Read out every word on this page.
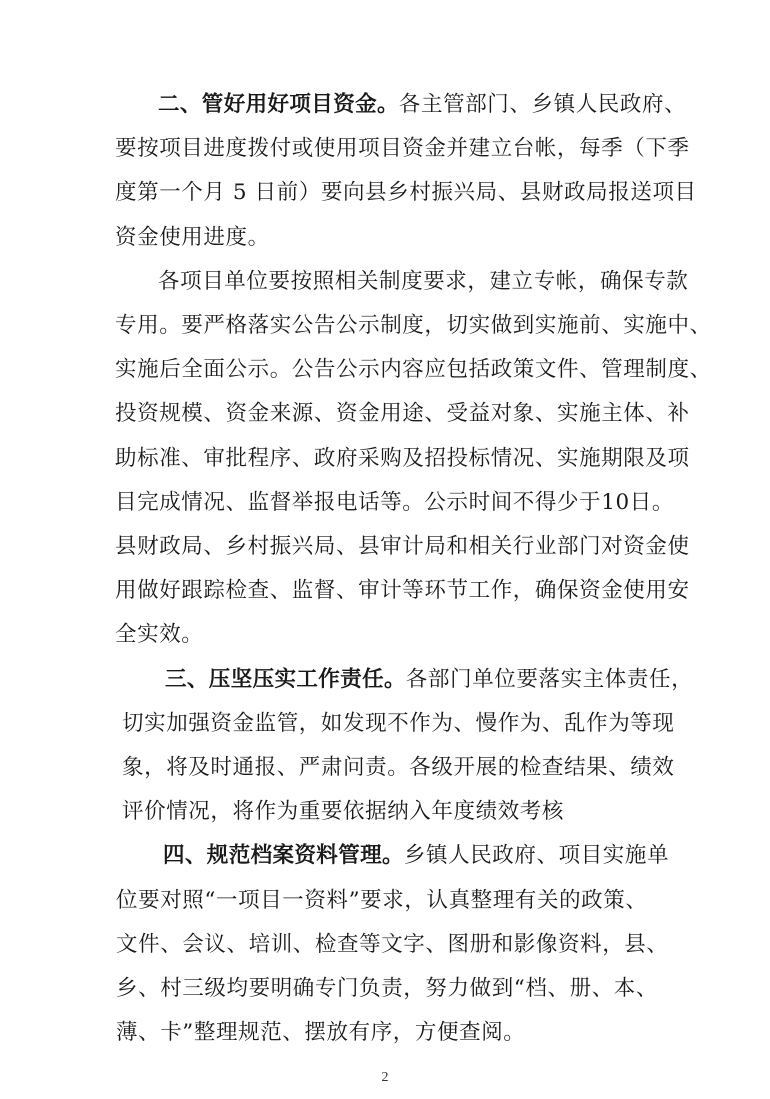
二、管好用好项目资金。各主管部门、乡镇人民政府、
要按项目进度拨付或使用项目资金并建立台帐，每季（下季
度第一个月 5 日前）要向县乡村振兴局、县财政局报送项目
资金使用进度。
各项目单位要按照相关制度要求，建立专帐，确保专款
专用。要严格落实公告公示制度，切实做到实施前、实施中、
实施后全面公示。公告公示内容应包括政策文件、管理制度、
投资规模、资金来源、资金用途、受益对象、实施主体、补
助标准、审批程序、政府采购及招投标情况、实施期限及项
目完成情况、监督举报电话等。公示时间不得少于10日。
县财政局、乡村振兴局、县审计局和相关行业部门对资金使
用做好跟踪检查、监督、审计等环节工作，确保资金使用安
全实效。
三、压坚压实工作责任。各部门单位要落实主体责任，
切实加强资金监管，如发现不作为、慢作为、乱作为等现
象，将及时通报、严肃问责。各级开展的检查结果、绩效
评价情况，将作为重要依据纳入年度绩效考核
四、规范档案资料管理。乡镇人民政府、项目实施单
位要对照“一项目一资料”要求，认真整理有关的政策、
文件、会议、培训、检查等文字、图册和影像资料，县、
乡、村三级均要明确专门负责，努力做到“档、册、本、
薄、卡”整理规范、摆放有序，方便查阅。
2
